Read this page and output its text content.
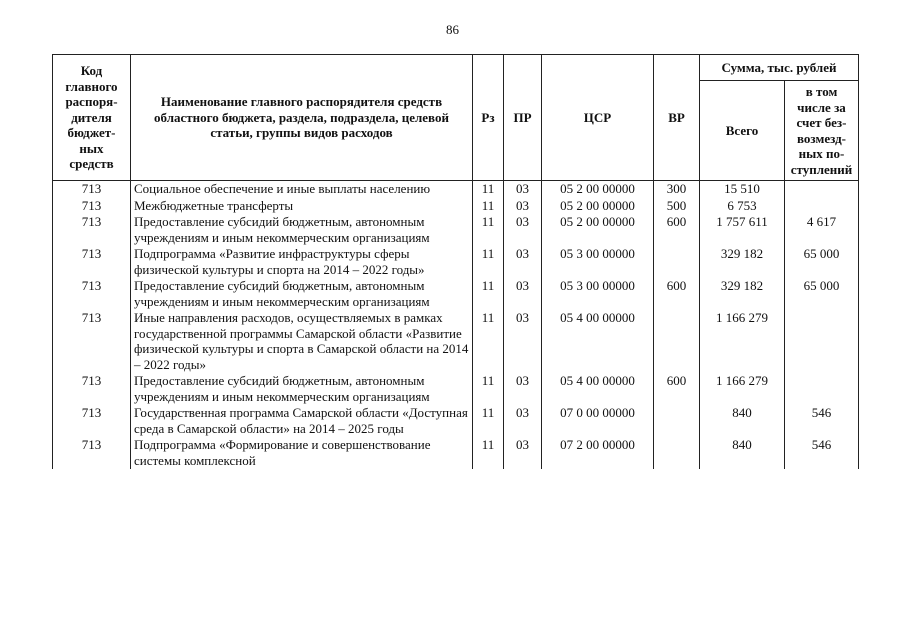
86
Код главного распоря-дителя бюджет-ных средств	Наименование главного распорядителя средств областного бюджета, раздела, подраздела, целевой статьи, группы видов расходов	Рз	ПР	ЦСР	ВР	Сумма, тыс. рублей	
						Всего	в том числе за счет без-возмезд-ных по-ступлений
713	Социальное обеспечение и иные выплаты населению	11	03	05 2 00 00000	300	15 510	
713	Межбюджетные трансферты	11	03	05 2 00 00000	500	6 753	
713	Предоставление субсидий бюджетным, автономным учреждениям и иным некоммерческим организациям	11	03	05 2 00 00000	600	1 757 611	4 617
713	Подпрограмма «Развитие инфраструктуры сферы физической культуры и спорта на 2014 – 2022 годы»	11	03	05 3 00 00000		329 182	65 000
713	Предоставление субсидий бюджетным, автономным учреждениям и иным некоммерческим организациям	11	03	05 3 00 00000	600	329 182	65 000
713	Иные направления расходов, осуществляемых в рамках государственной программы Самарской области «Развитие физической культуры и спорта в Самарской области на 2014 – 2022 годы»	11	03	05 4 00 00000		1 166 279	
713	Предоставление субсидий бюджетным, автономным учреждениям и иным некоммерческим организациям	11	03	05 4 00 00000	600	1 166 279	
713	Государственная программа Самарской области «Доступная среда в Самарской области» на 2014 – 2025 годы	11	03	07 0 00 00000		840	546
713	Подпрограмма «Формирование и совершенствование системы комплексной	11	03	07 2 00 00000		840	546
